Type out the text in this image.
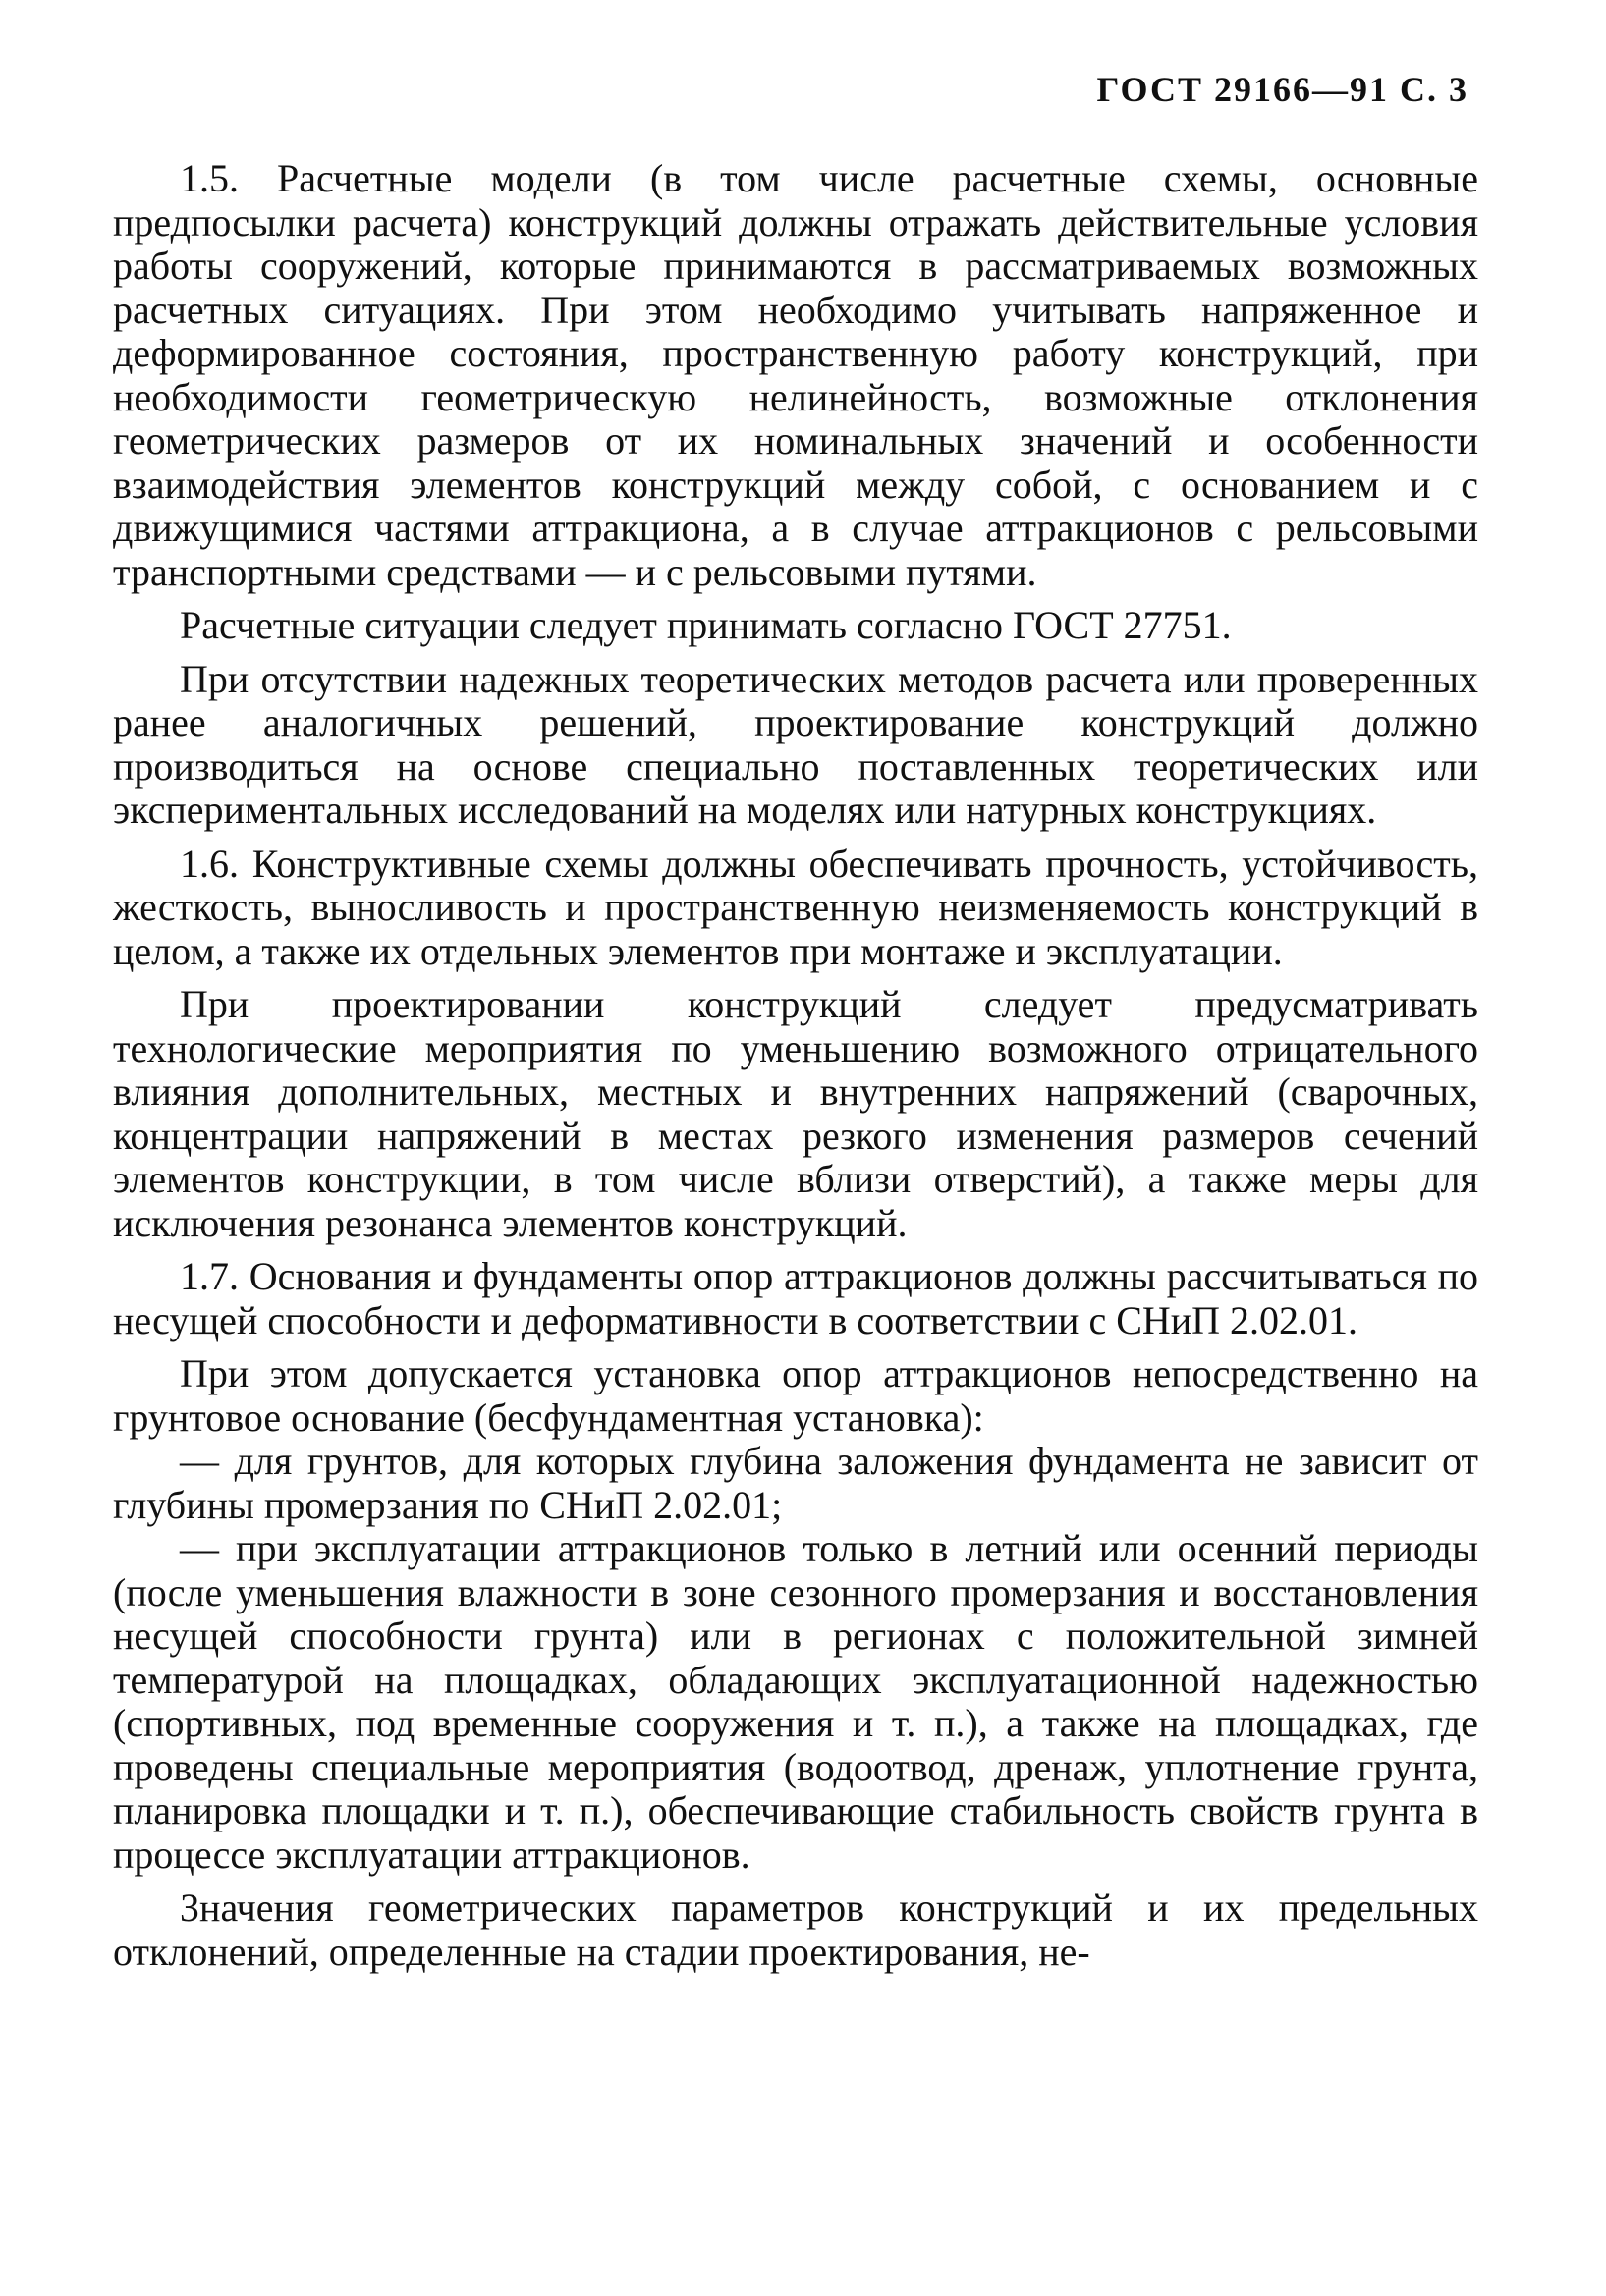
ГОСТ 29166—91 С. 3

1.5. Расчетные модели (в том числе расчетные схемы, основные предпосылки расчета) конструкций должны отражать действительные условия работы сооружений, которые принимаются в рассматриваемых возможных расчетных ситуациях. При этом необходимо учитывать напряженное и деформированное состояния, пространственную работу конструкций, при необходимости геометрическую нелинейность, возможные отклонения геометрических размеров от их номинальных значений и особенности взаимодействия элементов конструкций между собой, с основанием и с движущимися частями аттракциона, а в случае аттракционов с рельсовыми транспортными средствами — и с рельсовыми путями.

Расчетные ситуации следует принимать согласно ГОСТ 27751.

При отсутствии надежных теоретических методов расчета или проверенных ранее аналогичных решений, проектирование конструкций должно производиться на основе специально поставленных теоретических или экспериментальных исследований на моделях или натурных конструкциях.

1.6. Конструктивные схемы должны обеспечивать прочность, устойчивость, жесткость, выносливость и пространственную неизменяемость конструкций в целом, а также их отдельных элементов при монтаже и эксплуатации.

При проектировании конструкций следует предусматривать технологические мероприятия по уменьшению возможного отрицательного влияния дополнительных, местных и внутренних напряжений (сварочных, концентрации напряжений в местах резкого изменения размеров сечений элементов конструкции, в том числе вблизи отверстий), а также меры для исключения резонанса элементов конструкций.

1.7. Основания и фундаменты опор аттракционов должны рассчитываться по несущей способности и деформативности в соответствии с СНиП 2.02.01.

При этом допускается установка опор аттракционов непосредственно на грунтовое основание (бесфундаментная установка):

— для грунтов, для которых глубина заложения фундамента не зависит от глубины промерзания по СНиП 2.02.01;

— при эксплуатации аттракционов только в летний или осенний периоды (после уменьшения влажности в зоне сезонного промерзания и восстановления несущей способности грунта) или в регионах с положительной зимней температурой на площадках, обладающих эксплуатационной надежностью (спортивных, под временные сооружения и т. п.), а также на площадках, где проведены специальные мероприятия (водоотвод, дренаж, уплотнение грунта, планировка площадки и т. п.), обеспечивающие стабильность свойств грунта в процессе эксплуатации аттракционов.

Значения геометрических параметров конструкций и их предельных отклонений, определенные на стадии проектирования, не-
